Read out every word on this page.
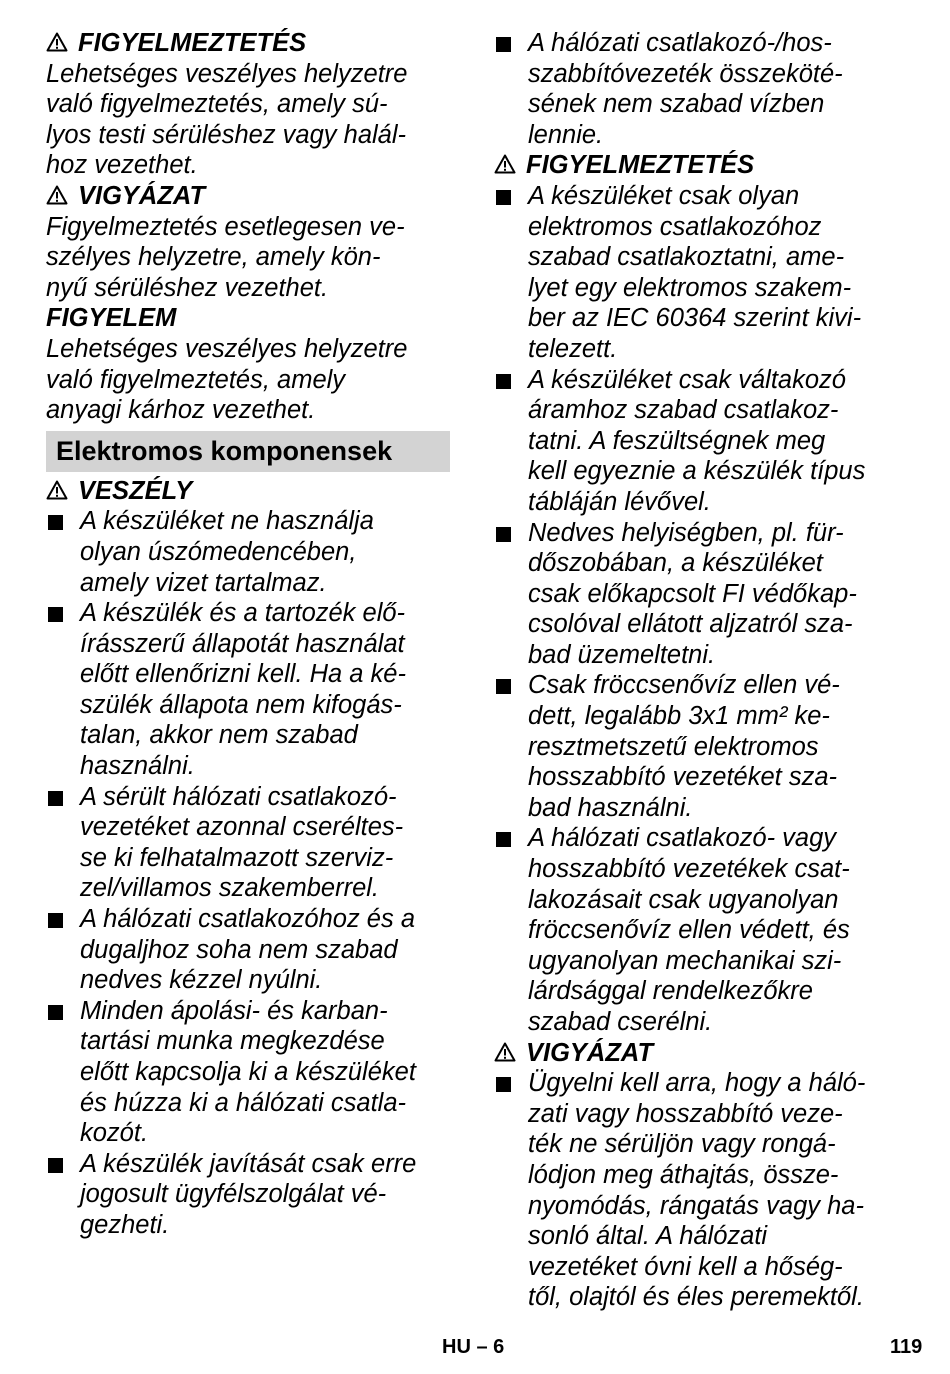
FIGYELMEZTETÉS
Lehetséges veszélyes helyzetre
való figyelmeztetés, amely sú-
lyos testi sérüléshez vagy halál-
hoz vezethet.
VIGYÁZAT
Figyelmeztetés esetlegesen ve-
szélyes helyzetre, amely kön-
nyű sérüléshez vezethet.
FIGYELEM
Lehetséges veszélyes helyzetre
való figyelmeztetés, amely
anyagi kárhoz vezethet.
Elektromos komponensek
VESZÉLY
A készüléket ne használja
olyan úszómedencében,
amely vizet tartalmaz.
A készülék és a tartozék elő-
írásszerű állapotát használat
előtt ellenőrizni kell. Ha a ké-
szülék állapota nem kifogás-
talan, akkor nem szabad
használni.
A sérült hálózati csatlakozó-
vezetéket azonnal cseréltes-
se ki felhatalmazott szerviz-
zel/villamos szakemberrel.
A hálózati csatlakozóhoz és a
dugaljhoz soha nem szabad
nedves kézzel nyúlni.
Minden ápolási- és karban-
tartási munka megkezdése
előtt kapcsolja ki a készüléket
és húzza ki a hálózati csatla-
kozót.
A készülék javítását csak erre
jogosult ügyfélszolgálat vé-
gezheti.
A hálózati csatlakozó-/hos-
szabbítóvezeték összeköté-
sének nem szabad vízben
lennie.
FIGYELMEZTETÉS
A készüléket csak olyan
elektromos csatlakozóhoz
szabad csatlakoztatni, ame-
lyet egy elektromos szakem-
ber az IEC 60364 szerint kivi-
telezett.
A készüléket csak váltakozó
áramhoz szabad csatlakoz-
tatni. A feszültségnek meg
kell egyeznie a készülék típus
tábláján lévővel.
Nedves helyiségben, pl. für-
dőszobában, a készüléket
csak előkapcsolt FI védőkap-
csolóval ellátott aljzatról sza-
bad üzemeltetni.
Csak fröccsenővíz ellen vé-
dett, legalább 3x1 mm² ke-
resztmetszetű elektromos
hosszabbító vezetéket sza-
bad használni.
A hálózati csatlakozó- vagy
hosszabbító vezetékek csat-
lakozásait csak ugyanolyan
fröccsenővíz ellen védett, és
ugyanolyan mechanikai szi-
lárdsággal rendelkezőkre
szabad cserélni.
VIGYÁZAT
Ügyelni kell arra, hogy a háló-
zati vagy hosszabbító veze-
ték ne sérüljön vagy rongá-
lódjon meg áthajtás, össze-
nyomódás, rángatás vagy ha-
sonló által. A hálózati
vezetéket óvni kell a hőség-
től, olajtól és éles peremektől.
HU – 6	119
